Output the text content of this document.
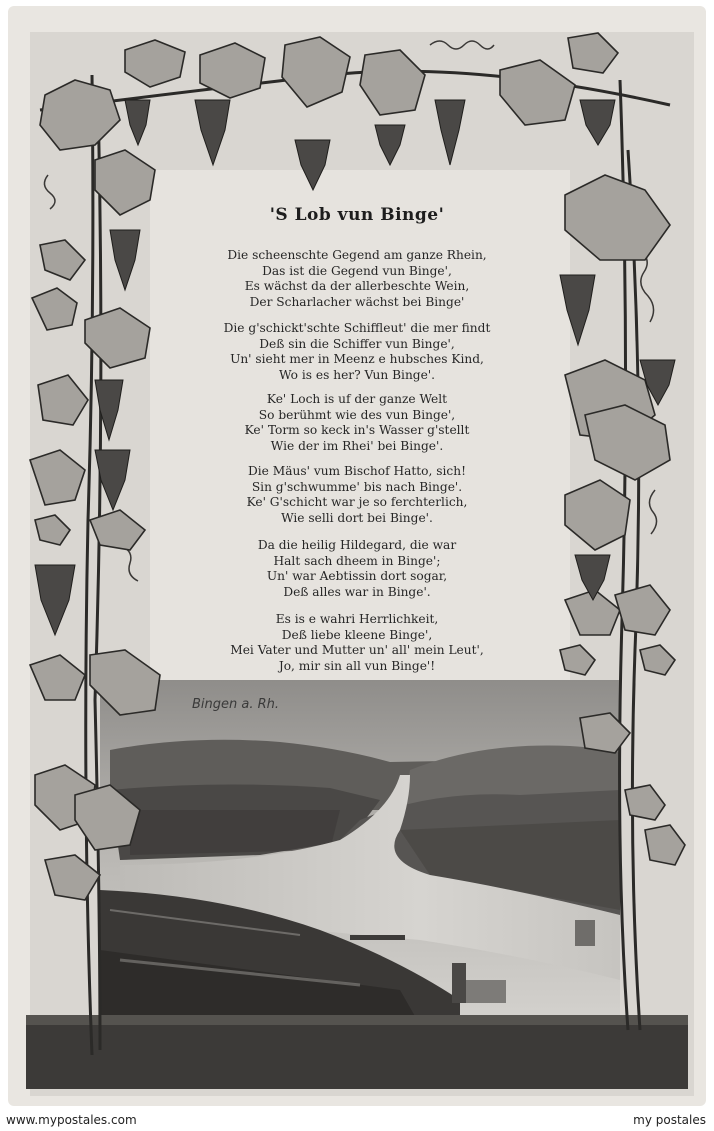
Bingen a. Rh.
'S Lob vun Binge'
Die scheenschte Gegend am ganze Rhein,
Das ist die Gegend vun Binge',
Es wächst da der allerbeschte Wein,
Der Scharlacher wächst bei Binge'
Die g'schickt'schte Schiffleut' die mer findt
Deß sin die Schiffer vun Binge',
Un' sieht mer in Meenz e hubsches Kind,
Wo is es her? Vun Binge'.
Ke' Loch is uf der ganze Welt
So berühmt wie des vun Binge',
Ke' Torm so keck in's Wasser g'stellt
Wie der im Rhei' bei Binge'.
Die Mäus' vum Bischof Hatto, sich!
Sin g'schwumme' bis nach Binge'.
Ke' G'schicht war je so ferchterlich,
Wie selli dort bei Binge'.
Da die heilig Hildegard, die war
Halt sach dheem in Binge';
Un' war Aebtissin dort sogar,
Deß alles war in Binge'.
Es is e wahri Herrlichkeit,
Deß liebe kleene Binge',
Mei Vater und Mutter un' all' mein Leut',
Jo, mir sin all vun Binge'!
www.mypostales.com	my postales
